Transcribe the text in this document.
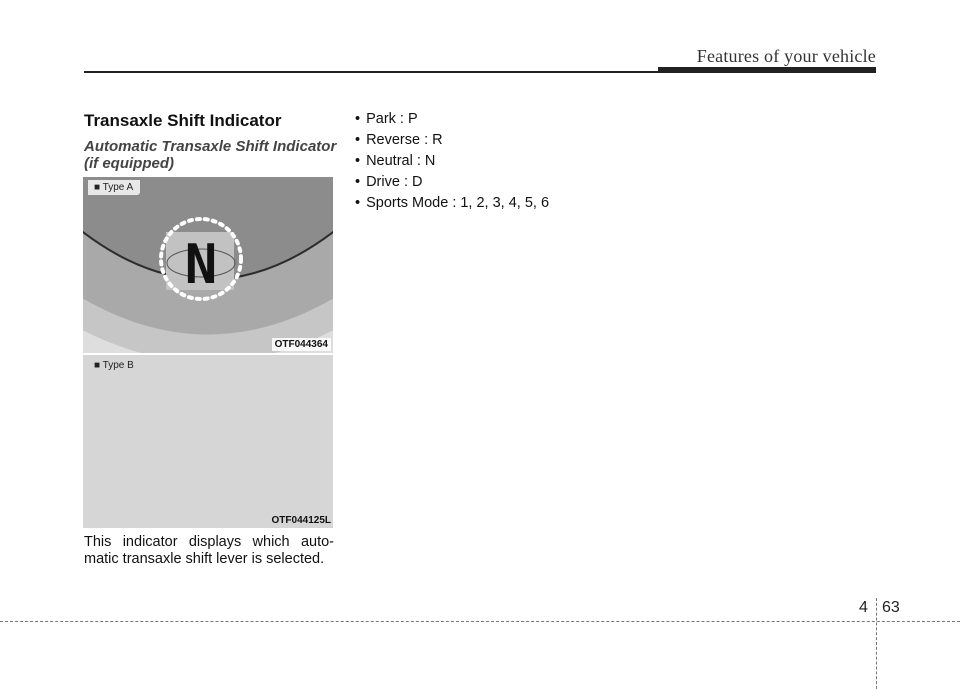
Features of your vehicle
Transaxle Shift Indicator
Automatic Transaxle Shift Indicator (if equipped)
N
■ Type A
OTF044364
■ Type B
OTF044125L

This indicator displays which auto-matic transaxle shift lever is selected.

• Park : P
• Reverse : R
• Neutral : N
• Drive : D
• Sports Mode : 1, 2, 3, 4, 5, 6
4 63
